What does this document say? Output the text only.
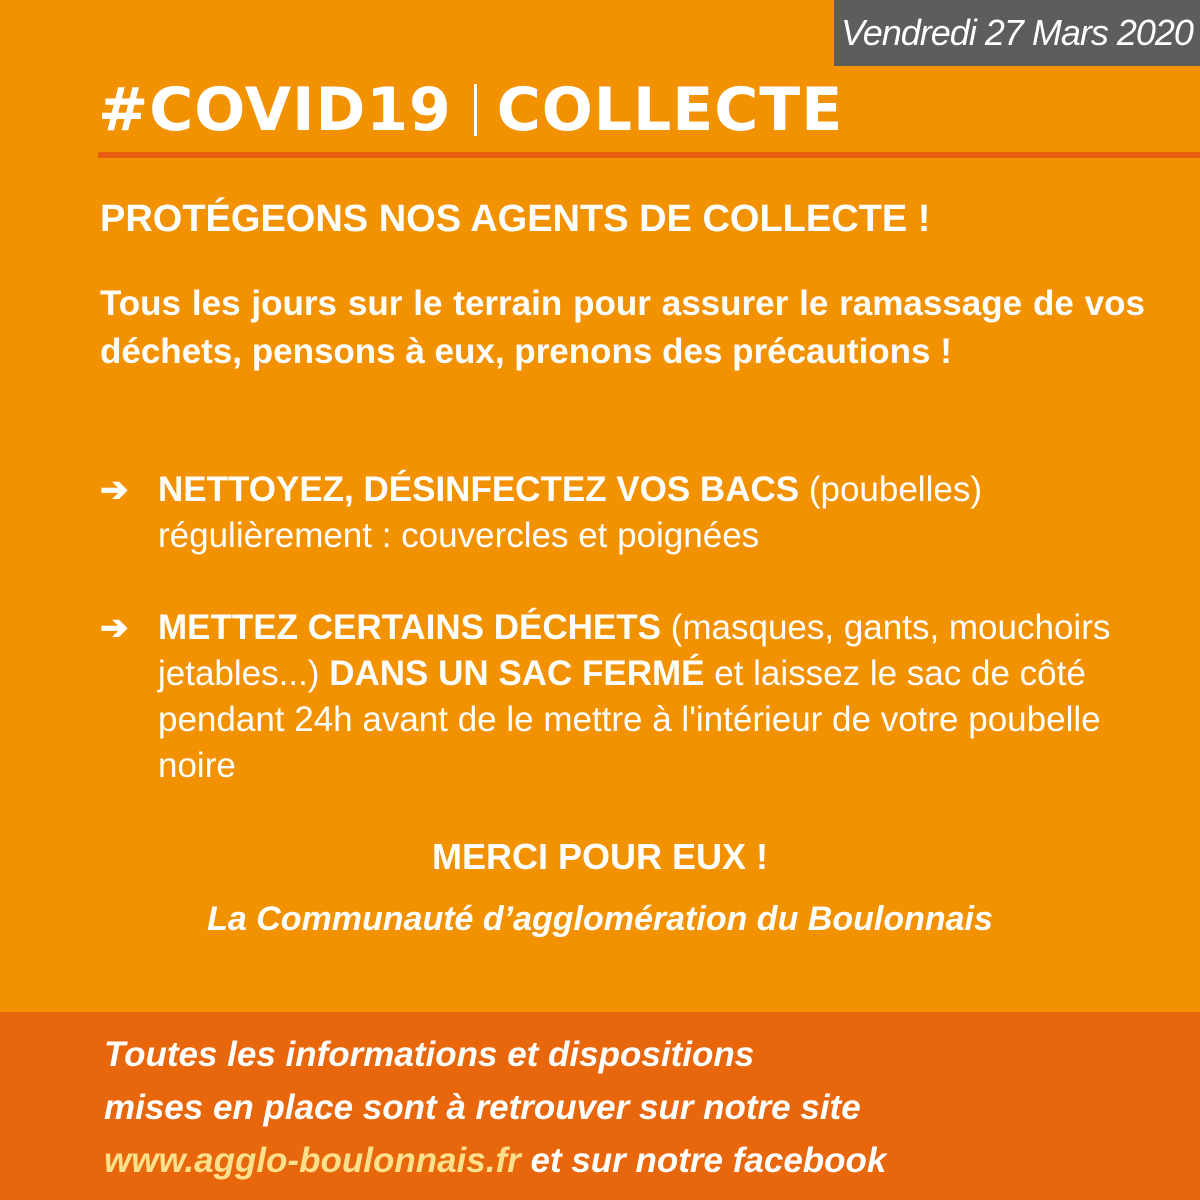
Vendredi 27 Mars 2020
#COVID19 COLLECTE
PROTÉGEONS NOS AGENTS DE COLLECTE !
Tous les jours sur le terrain pour assurer le ramassage de vos déchets, pensons à eux, prenons des précautions !
➔ NETTOYEZ, DÉSINFECTEZ VOS BACS (poubelles) régulièrement : couvercles et poignées
➔ METTEZ CERTAINS DÉCHETS (masques, gants, mouchoirs jetables...) DANS UN SAC FERMÉ et laissez le sac de côté pendant 24h avant de le mettre à l'intérieur de votre poubelle noire
MERCI POUR EUX !
La Communauté d’agglomération du Boulonnais
Toutes les informations et dispositions
mises en place sont à retrouver sur notre site
www.agglo-boulonnais.fr et sur notre facebook
